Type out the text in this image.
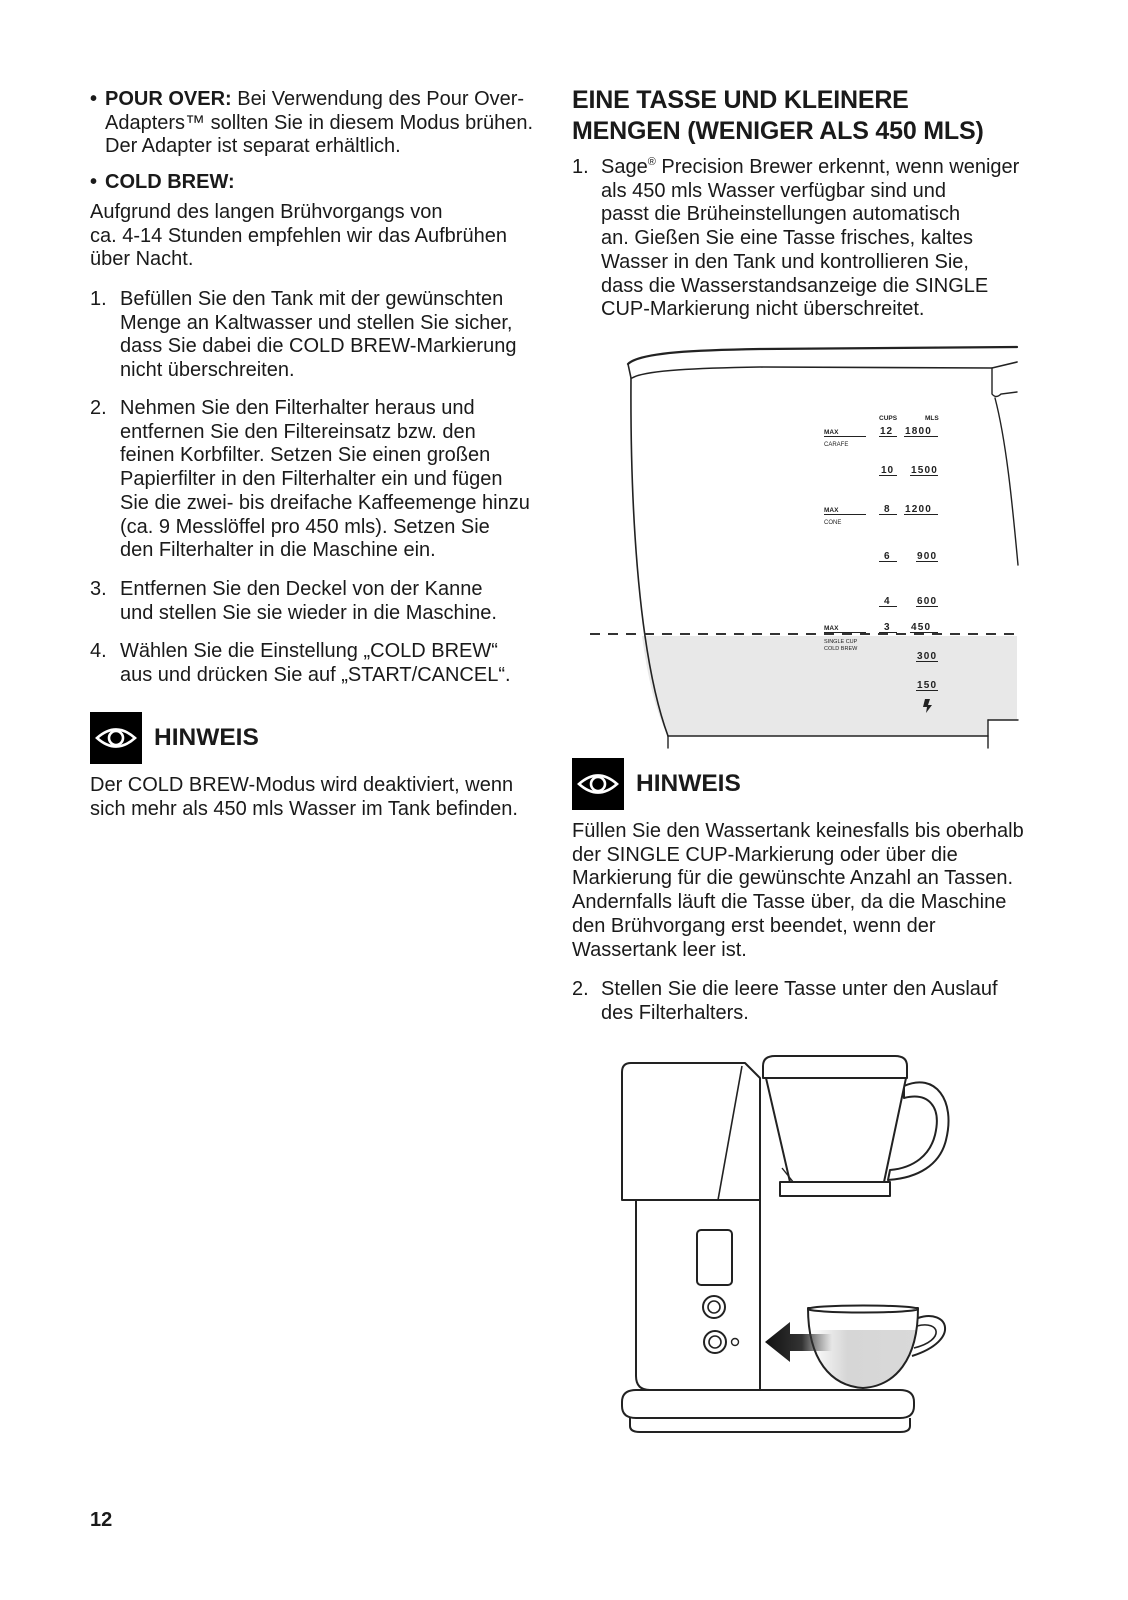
• POUR OVER: Bei Verwendung des Pour Over-
Adapters™ sollten Sie in diesem Modus brühen.
Der Adapter ist separat erhältlich.
• COLD BREW:
Aufgrund des langen Brühvorgangs von
ca. 4-14 Stunden empfehlen wir das Aufbrühen
über Nacht.
1. Befüllen Sie den Tank mit der gewünschten
Menge an Kaltwasser und stellen Sie sicher,
dass Sie dabei die COLD BREW-Markierung
nicht überschreiten.
2. Nehmen Sie den Filterhalter heraus und
entfernen Sie den Filtereinsatz bzw. den
feinen Korbfilter. Setzen Sie einen großen
Papierfilter in den Filterhalter ein und fügen
Sie die zwei- bis dreifache Kaffeemenge hinzu
(ca. 9 Messlöffel pro 450 mls). Setzen Sie
den Filterhalter in die Maschine ein.
3. Entfernen Sie den Deckel von der Kanne
und stellen Sie sie wieder in die Maschine.
4. Wählen Sie die Einstellung „COLD BREW“
aus und drücken Sie auf „START/CANCEL“.
HINWEIS
Der COLD BREW-Modus wird deaktiviert, wenn
sich mehr als 450 mls Wasser im Tank befinden.
EINE TASSE UND KLEINERE
MENGEN (WENIGER ALS 450 MLS)
1. Sage® Precision Brewer erkennt, wenn weniger
als 450 mls Wasser verfügbar sind und
passt die Brüheinstellungen automatisch
an. Gießen Sie eine Tasse frisches, kaltes
Wasser in den Tank und kontrollieren Sie,
dass die Wasserstandsanzeige die SINGLE
CUP-Markierung nicht überschreitet.
CUPS	MLS
MAX
CARAFE
12 1800
10 1500
MAX
CONE
8 1200
6	900
4	600
MAX
SINGLE CUP
COLD BREW
3 450
300
150
HINWEIS
Füllen Sie den Wassertank keinesfalls bis oberhalb
der SINGLE CUP-Markierung oder über die
Markierung für die gewünschte Anzahl an Tassen.
Andernfalls läuft die Tasse über, da die Maschine
den Brühvorgang erst beendet, wenn der
Wassertank leer ist.
2. Stellen Sie die leere Tasse unter den Auslauf
des Filterhalters.
12
